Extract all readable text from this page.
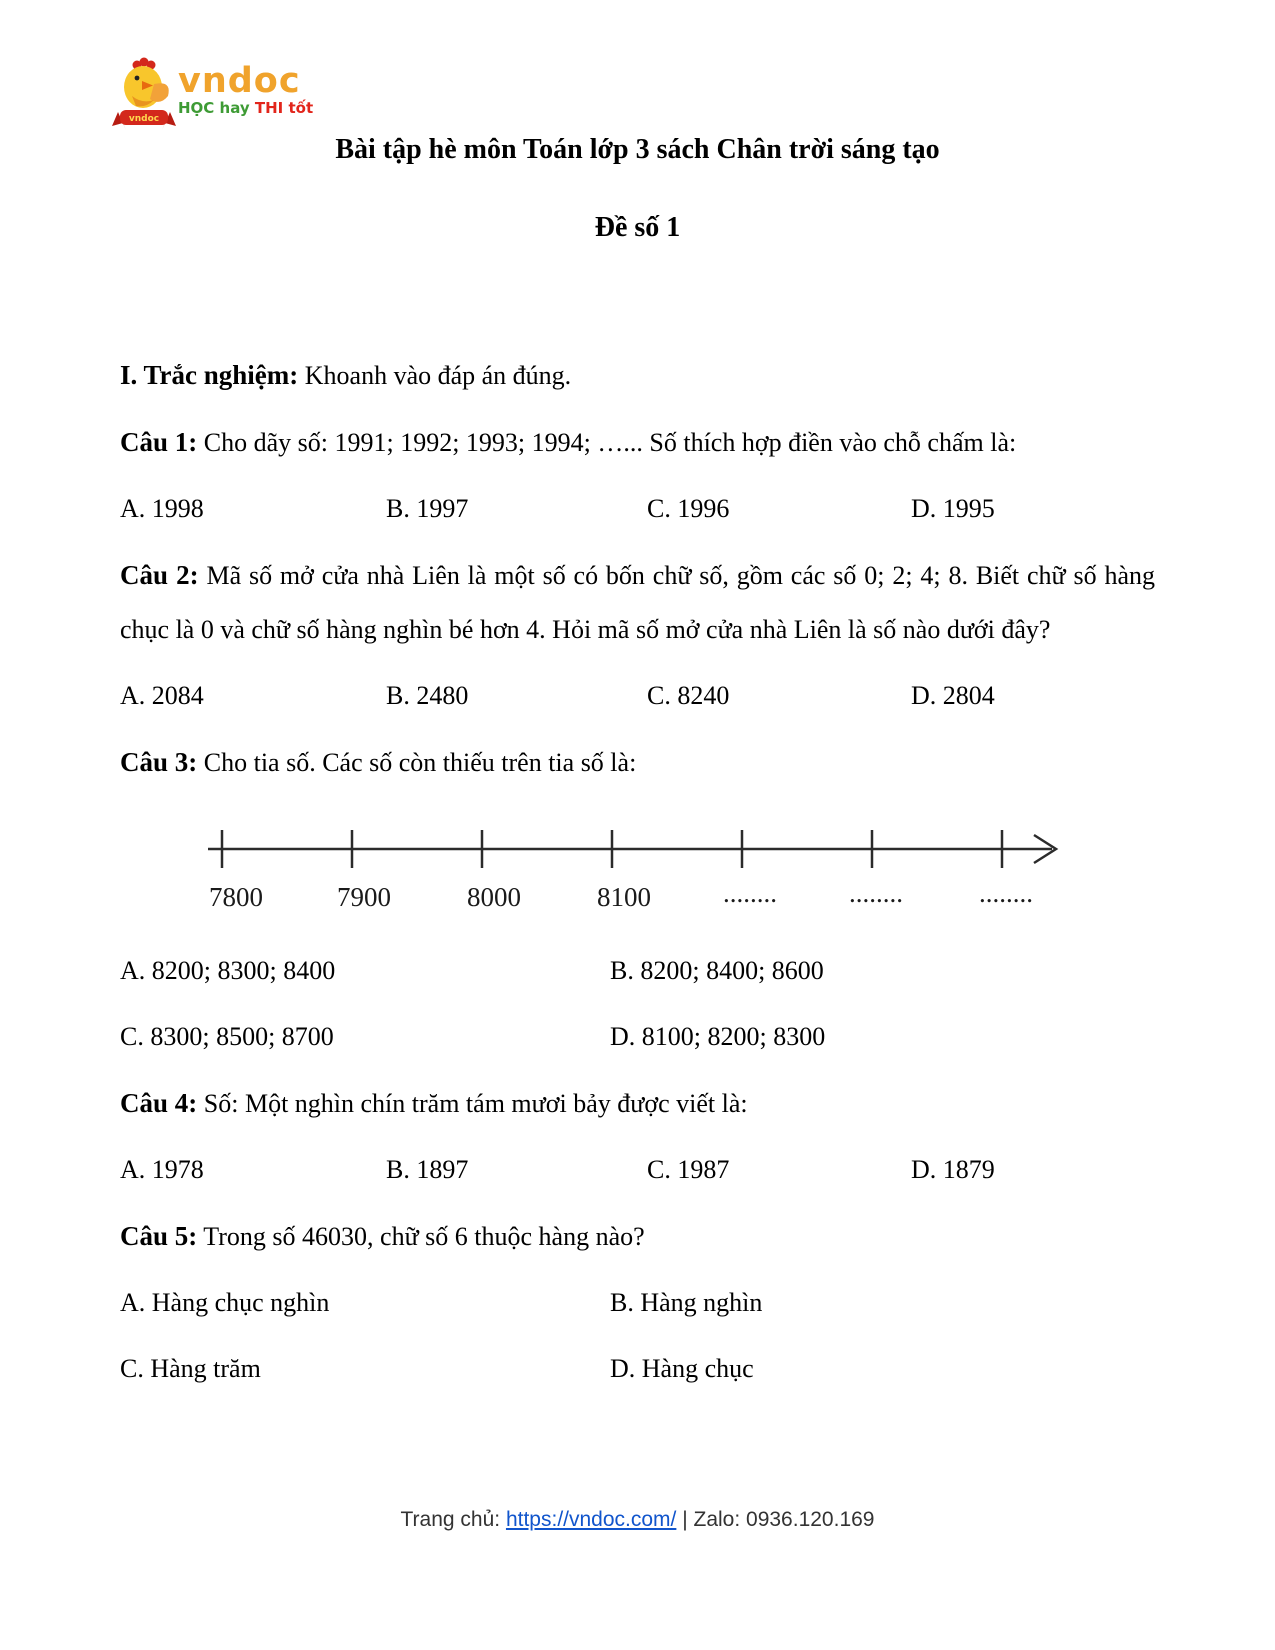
vndoc
vndoc
HỌC hay THI tốt
Bài tập hè môn Toán lớp 3 sách Chân trời sáng tạo
Đề số 1
I. Trắc nghiệm: Khoanh vào đáp án đúng.

Câu 1: Cho dãy số: 1991; 1992; 1993; 1994; …... Số thích hợp điền vào chỗ chấm là:

A. 1998	B. 1997	C. 1996	D. 1995

Câu 2: Mã số mở cửa nhà Liên là một số có bốn chữ số, gồm các số 0; 2; 4; 8. Biết chữ số hàng chục là 0 và chữ số hàng nghìn bé hơn 4. Hỏi mã số mở cửa nhà Liên là số nào dưới đây?

A. 2084	B. 2480	C. 8240	D. 2804

Câu 3: Cho tia số. Các số còn thiếu trên tia số là:

7800	7900	8000	8100	........	........	........
A. 8200; 8300; 8400	B. 8200; 8400; 8600
C. 8300; 8500; 8700	D. 8100; 8200; 8300

Câu 4: Số: Một nghìn chín trăm tám mươi bảy được viết là:

A. 1978	B. 1897	C. 1987	D. 1879

Câu 5: Trong số 46030, chữ số 6 thuộc hàng nào?

A. Hàng chục nghìn	B. Hàng nghìn
C. Hàng trăm	D. Hàng chục
Trang chủ: https://vndoc.com/ | Zalo: 0936.120.169
